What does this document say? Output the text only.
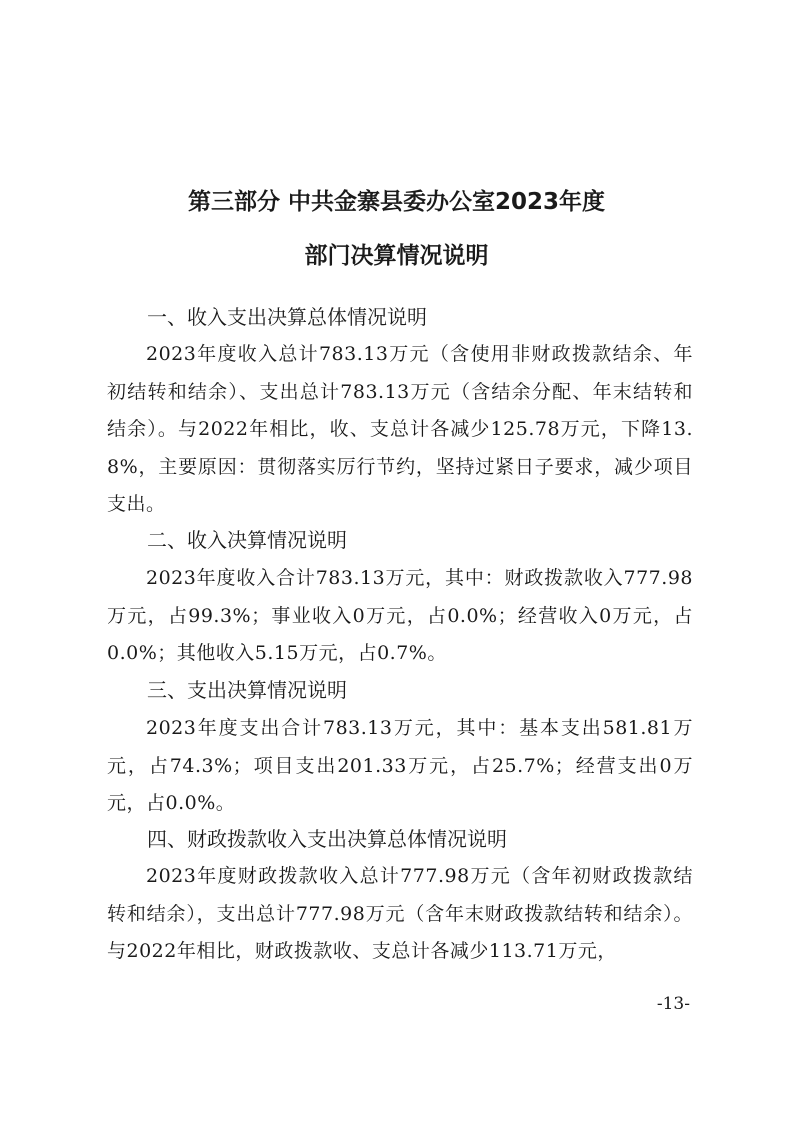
第三部分 中共金寨县委办公室2023年度
部门决算情况说明
一、收入支出决算总体情况说明
2023年度收入总计783.13万元（含使用非财政拨款结余、年初结转和结余）、支出总计783.13万元（含结余分配、年末结转和结余）。与2022年相比，收、支总计各减少125.78万元，下降13.8%，主要原因：贯彻落实厉行节约，坚持过紧日子要求，减少项目支出。
二、收入决算情况说明
2023年度收入合计783.13万元，其中：财政拨款收入777.98万元，占99.3%；事业收入0万元，占0.0%；经营收入0万元，占0.0%；其他收入5.15万元，占0.7%。
三、支出决算情况说明
2023年度支出合计783.13万元，其中：基本支出581.81万元，占74.3%；项目支出201.33万元，占25.7%；经营支出0万元，占0.0%。
四、财政拨款收入支出决算总体情况说明
2023年度财政拨款收入总计777.98万元（含年初财政拨款结转和结余），支出总计777.98万元（含年末财政拨款结转和结余）。与2022年相比，财政拨款收、支总计各减少113.71万元，
-13-
